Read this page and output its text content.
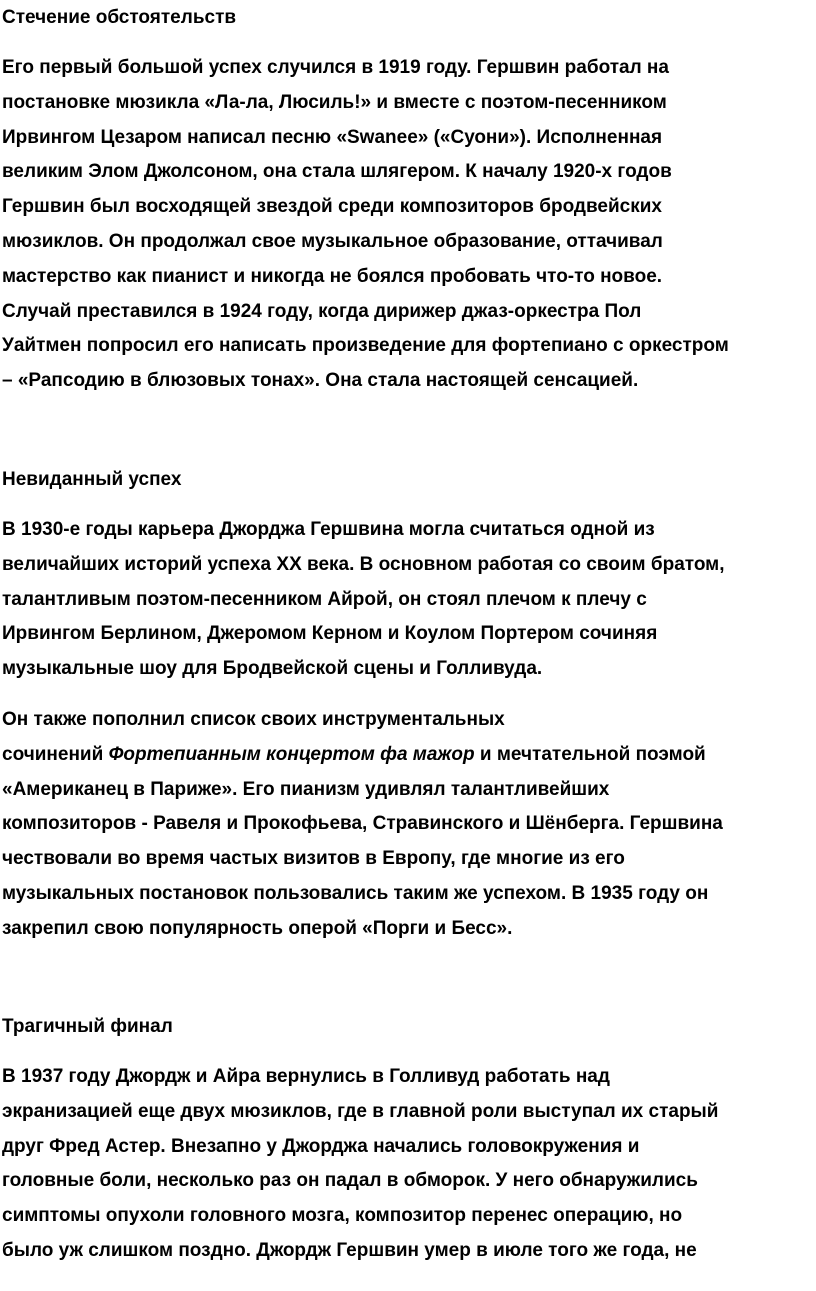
Стечение обстоятельств
Его первый большой успех случился в 1919 году. Гершвин работал на
постановке мюзикла «Ла-ла, Люсиль!» и вместе с поэтом-песенником
Ирвингом Цезаром написал песню «Swanee» («Суони»). Исполненная
великим Элом Джолсоном, она стала шлягером. К началу 1920-х годов
Гершвин был восходящей звездой среди композиторов бродвейских
мюзиклов. Он продолжал свое музыкальное образование, оттачивал
мастерство как пианист и никогда не боялся пробовать что-то новое.
Случай преставился в 1924 году, когда дирижер джаз-оркестра Пол
Уайтмен попросил его написать произведение для фортепиано с оркестром
– «Рапсодию в блюзовых тонах». Она стала настоящей сенсацией.
Невиданный успех
В 1930-е годы карьера Джорджа Гершвина могла считаться одной из
величайших историй успеха XX века. В основном работая со своим братом,
талантливым поэтом-песенником Айрой, он стоял плечом к плечу с
Ирвингом Берлином, Джеромом Керном и Коулом Портером сочиняя
музыкальные шоу для Бродвейской сцены и Голливуда.
Он также пополнил список своих инструментальных
сочинений Фортепианным концертом фа мажор и мечтательной поэмой
«Американец в Париже». Его пианизм удивлял талантливейших
композиторов - Равеля и Прокофьева, Стравинского и Шёнберга. Гершвина
чествовали во время частых визитов в Европу, где многие из его
музыкальных постановок пользовались таким же успехом. В 1935 году он
закрепил свою популярность оперой «Порги и Бесс».
Трагичный финал
В 1937 году Джордж и Айра вернулись в Голливуд работать над
экранизацией еще двух мюзиклов, где в главной роли выступал их старый
друг Фред Астер. Внезапно у Джорджа начались головокружения и
головные боли, несколько раз он падал в обморок. У него обнаружились
симптомы опухоли головного мозга, композитор перенес операцию, но
было уж слишком поздно. Джордж Гершвин умер в июле того же года, не
